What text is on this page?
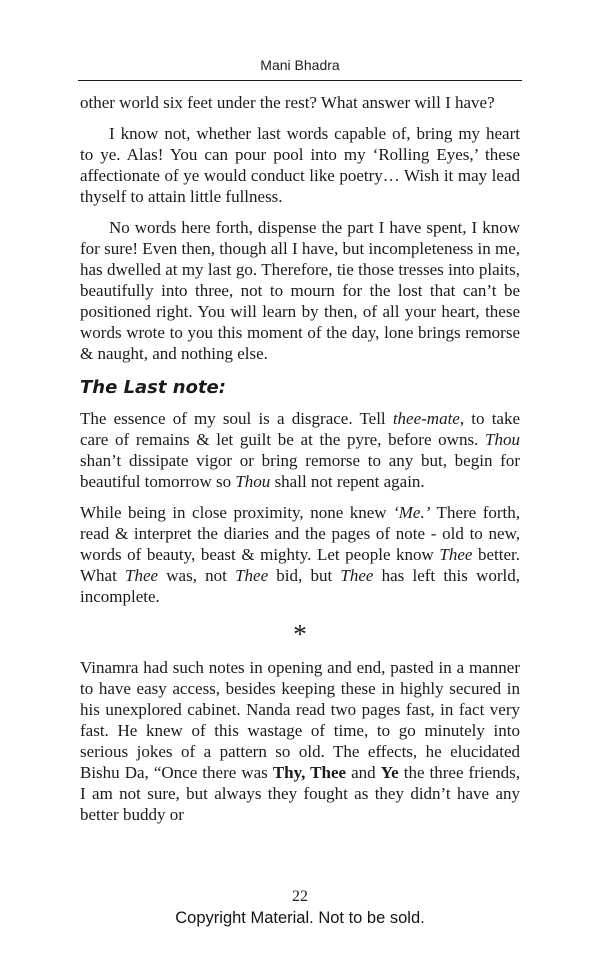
Mani Bhadra

other world six feet under the rest? What answer will I have?

I know not, whether last words capable of, bring my heart to ye. Alas! You can pour pool into my ‘Rolling Eyes,’ these affectionate of ye would conduct like poetry… Wish it may lead thyself to attain little fullness.

No words here forth, dispense the part I have spent, I know for sure! Even then, though all I have, but incompleteness in me, has dwelled at my last go. Therefore, tie those tresses into plaits, beautifully into three, not to mourn for the lost that can’t be positioned right. You will learn by then, of all your heart, these words wrote to you this moment of the day, lone brings remorse & naught, and nothing else.

The Last note:

The essence of my soul is a disgrace. Tell thee-mate, to take care of remains & let guilt be at the pyre, before owns. Thou shan’t dissipate vigor or bring remorse to any but, begin for beautiful tomorrow so Thou shall not repent again.

While being in close proximity, none knew ‘Me.’ There forth, read & interpret the diaries and the pages of note - old to new, words of beauty, beast & mighty. Let people know Thee better. What Thee was, not Thee bid, but Thee has left this world, incomplete.

*

Vinamra had such notes in opening and end, pasted in a manner to have easy access, besides keeping these in highly secured in his unexplored cabinet. Nanda read two pages fast, in fact very fast. He knew of this wastage of time, to go minutely into serious jokes of a pattern so old. The effects, he elucidated Bishu Da, “Once there was Thy, Thee and Ye the three friends, I am not sure, but always they fought as they didn’t have any better buddy or

22
Copyright Material. Not to be sold.
